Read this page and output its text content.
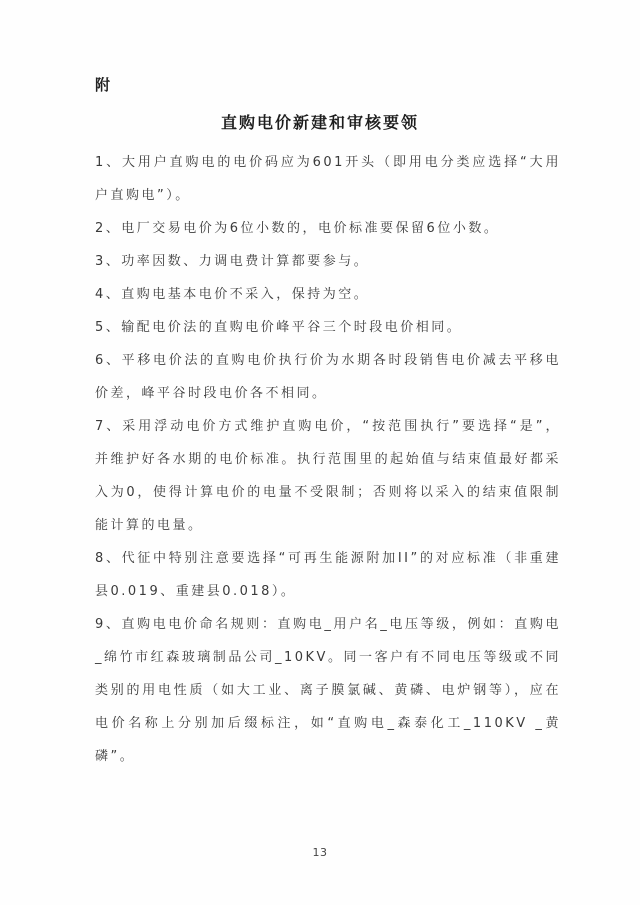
附
直购电价新建和审核要领

1、大用户直购电的电价码应为601开头（即用电分类应选择“大用户直购电”）。

2、电厂交易电价为6位小数的，电价标准要保留6位小数。

3、功率因数、力调电费计算都要参与。

4、直购电基本电价不采入，保持为空。

5、输配电价法的直购电价峰平谷三个时段电价相同。

6、平移电价法的直购电价执行价为水期各时段销售电价减去平移电价差，峰平谷时段电价各不相同。

7、采用浮动电价方式维护直购电价，“按范围执行”要选择“是”，并维护好各水期的电价标准。执行范围里的起始值与结束值最好都采入为0，使得计算电价的电量不受限制；否则将以采入的结束值限制能计算的电量。

8、代征中特别注意要选择“可再生能源附加II”的对应标准（非重建县0.019、重建县0.018）。

9、直购电电价命名规则：直购电_用户名_电压等级，例如：直购电_绵竹市红森玻璃制品公司_10KV。同一客户有不同电压等级或不同类别的用电性质（如大工业、离子膜氯碱、黄磷、电炉钢等），应在电价名称上分别加后缀标注，如“直购电_森泰化工_110KV _黄磷”。

13
